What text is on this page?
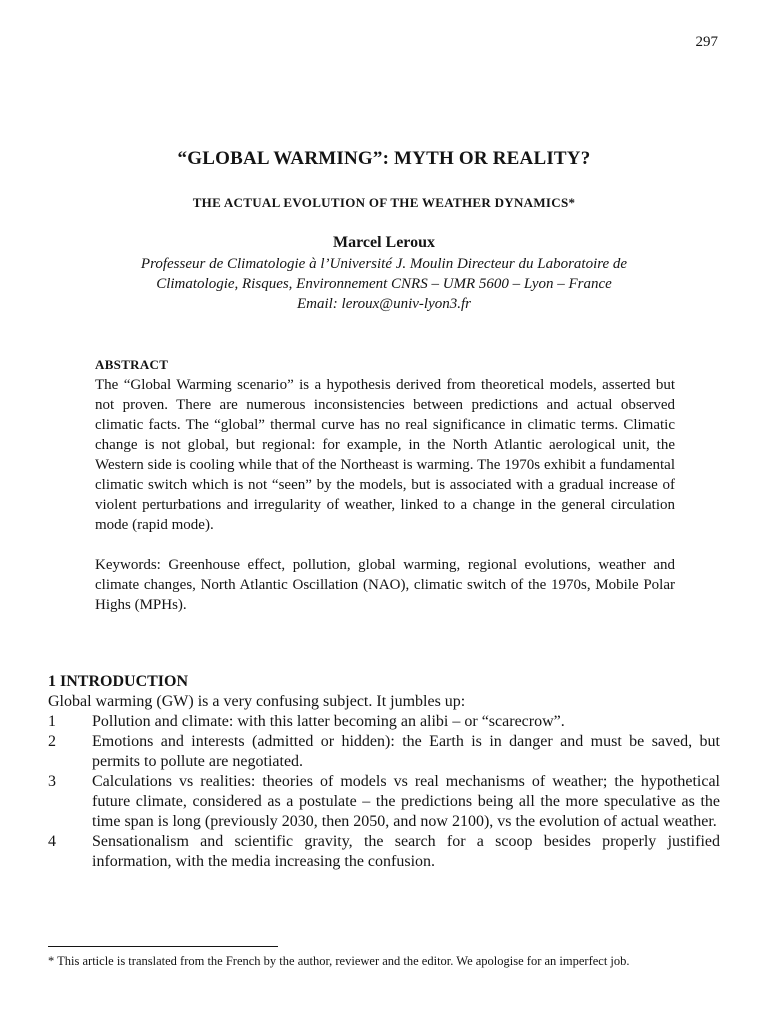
297
“GLOBAL WARMING”: MYTH OR REALITY?
THE ACTUAL EVOLUTION OF THE WEATHER DYNAMICS*
Marcel Leroux
Professeur de Climatologie à l’Université J. Moulin Directeur du Laboratoire de
Climatologie, Risques, Environnement CNRS – UMR 5600 – Lyon – France
Email: leroux@univ-lyon3.fr
ABSTRACT

The “Global Warming scenario” is a hypothesis derived from theoretical models, asserted but not proven. There are numerous inconsistencies between predictions and actual observed climatic facts. The “global” thermal curve has no real significance in climatic terms. Climatic change is not global, but regional: for example, in the North Atlantic aerological unit, the Western side is cooling while that of the Northeast is warming. The 1970s exhibit a fundamental climatic switch which is not “seen” by the models, but is associated with a gradual increase of violent perturbations and irregularity of weather, linked to a change in the general circulation mode (rapid mode).

Keywords: Greenhouse effect, pollution, global warming, regional evolutions, weather and climate changes, North Atlantic Oscillation (NAO), climatic switch of the 1970s, Mobile Polar Highs (MPHs).

1 INTRODUCTION

Global warming (GW) is a very confusing subject. It jumbles up:

1	Pollution and climate: with this latter becoming an alibi – or “scarecrow”.
2	Emotions and interests (admitted or hidden): the Earth is in danger and must be saved, but permits to pollute are negotiated.
3	Calculations vs realities: theories of models vs real mechanisms of weather; the hypothetical future climate, considered as a postulate – the predictions being all the more speculative as the time span is long (previously 2030, then 2050, and now 2100), vs the evolution of actual weather.
4	Sensationalism and scientific gravity, the search for a scoop besides properly justified information, with the media increasing the confusion.
* This article is translated from the French by the author, reviewer and the editor. We apologise for an imperfect job.
